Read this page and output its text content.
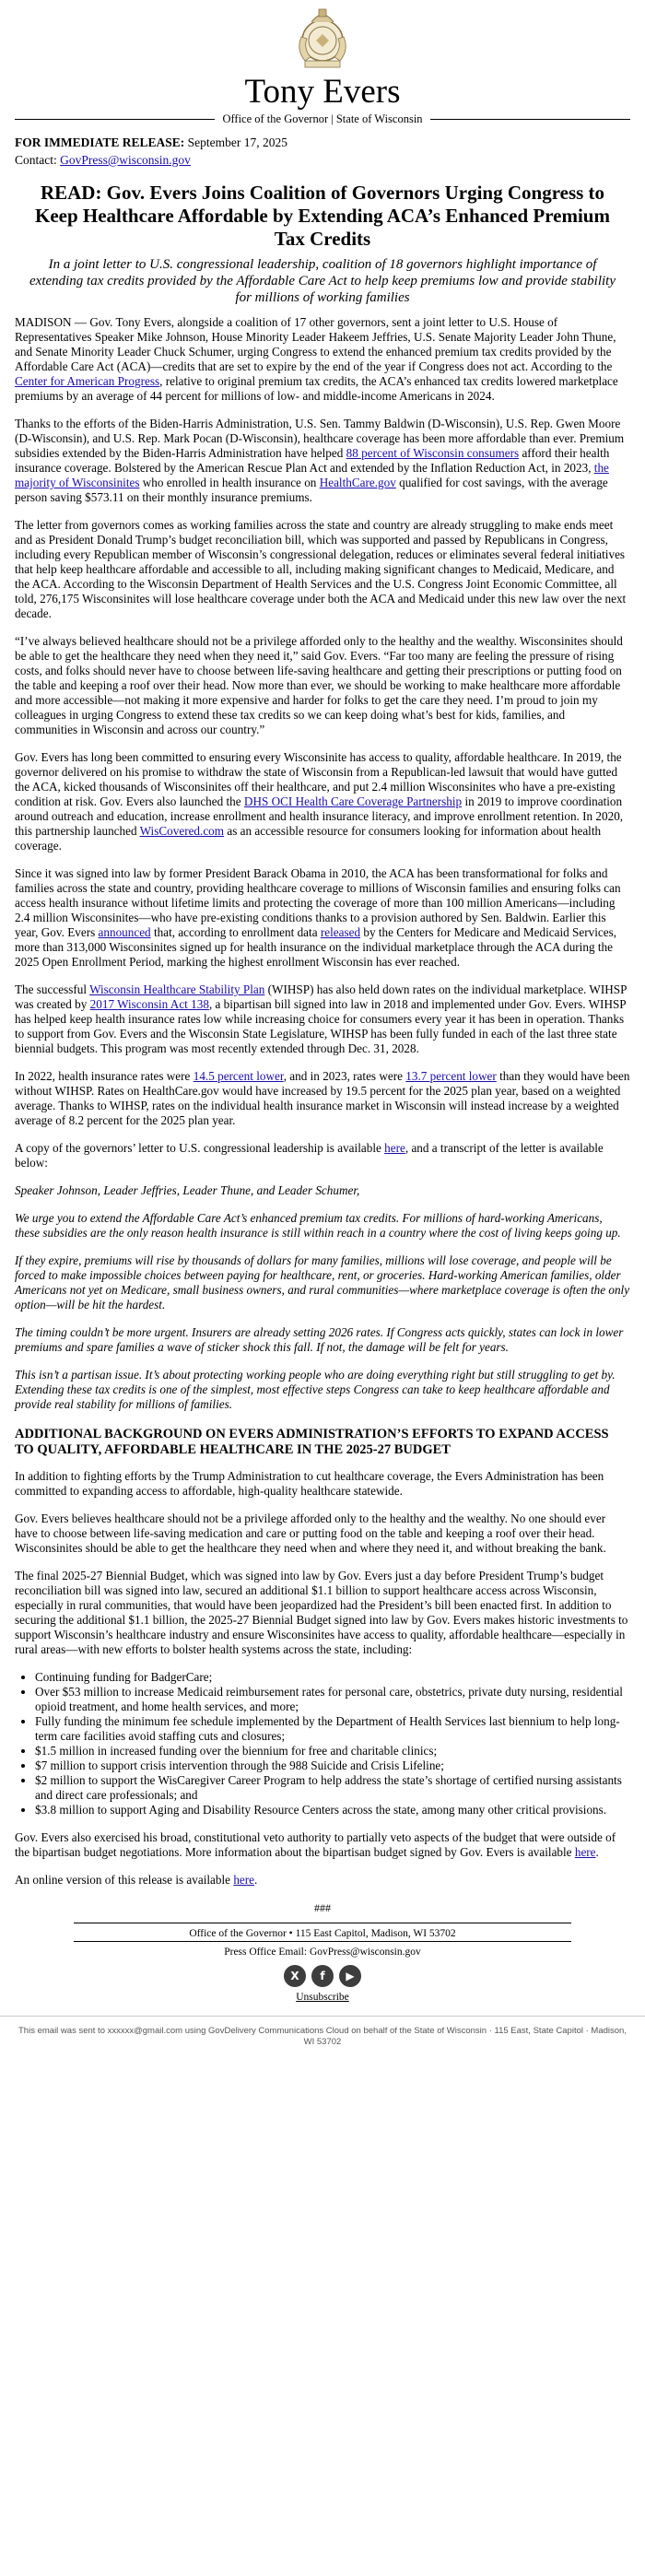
Tony Evers
Office of the Governor | State of Wisconsin
FOR IMMEDIATE RELEASE: September 17, 2025
Contact: GovPress@wisconsin.gov
READ: Gov. Evers Joins Coalition of Governors Urging Congress to Keep Healthcare Affordable by Extending ACA’s Enhanced Premium Tax Credits
In a joint letter to U.S. congressional leadership, coalition of 18 governors highlight importance of extending tax credits provided by the Affordable Care Act to help keep premiums low and provide stability for millions of working families

MADISON — Gov. Tony Evers, alongside a coalition of 17 other governors, sent a joint letter to U.S. House of Representatives Speaker Mike Johnson, House Minority Leader Hakeem Jeffries, U.S. Senate Majority Leader John Thune, and Senate Minority Leader Chuck Schumer, urging Congress to extend the enhanced premium tax credits provided by the Affordable Care Act (ACA)—credits that are set to expire by the end of the year if Congress does not act. According to the Center for American Progress, relative to original premium tax credits, the ACA’s enhanced tax credits lowered marketplace premiums by an average of 44 percent for millions of low- and middle-income Americans in 2024.

Thanks to the efforts of the Biden-Harris Administration, U.S. Sen. Tammy Baldwin (D-Wisconsin), U.S. Rep. Gwen Moore (D-Wisconsin), and U.S. Rep. Mark Pocan (D-Wisconsin), healthcare coverage has been more affordable than ever. Premium subsidies extended by the Biden-Harris Administration have helped 88 percent of Wisconsin consumers afford their health insurance coverage. Bolstered by the American Rescue Plan Act and extended by the Inflation Reduction Act, in 2023, the majority of Wisconsinites who enrolled in health insurance on HealthCare.gov qualified for cost savings, with the average person saving $573.11 on their monthly insurance premiums.

The letter from governors comes as working families across the state and country are already struggling to make ends meet and as President Donald Trump’s budget reconciliation bill, which was supported and passed by Republicans in Congress, including every Republican member of Wisconsin’s congressional delegation, reduces or eliminates several federal initiatives that help keep healthcare affordable and accessible to all, including making significant changes to Medicaid, Medicare, and the ACA. According to the Wisconsin Department of Health Services and the U.S. Congress Joint Economic Committee, all told, 276,175 Wisconsinites will lose healthcare coverage under both the ACA and Medicaid under this new law over the next decade.

“I’ve always believed healthcare should not be a privilege afforded only to the healthy and the wealthy. Wisconsinites should be able to get the healthcare they need when they need it,” said Gov. Evers. “Far too many are feeling the pressure of rising costs, and folks should never have to choose between life-saving healthcare and getting their prescriptions or putting food on the table and keeping a roof over their head. Now more than ever, we should be working to make healthcare more affordable and more accessible—not making it more expensive and harder for folks to get the care they need. I’m proud to join my colleagues in urging Congress to extend these tax credits so we can keep doing what’s best for kids, families, and communities in Wisconsin and across our country.”

Gov. Evers has long been committed to ensuring every Wisconsinite has access to quality, affordable healthcare. In 2019, the governor delivered on his promise to withdraw the state of Wisconsin from a Republican-led lawsuit that would have gutted the ACA, kicked thousands of Wisconsinites off their healthcare, and put 2.4 million Wisconsinites who have a pre-existing condition at risk. Gov. Evers also launched the DHS OCI Health Care Coverage Partnership in 2019 to improve coordination around outreach and education, increase enrollment and health insurance literacy, and improve enrollment retention. In 2020, this partnership launched WisCovered.com as an accessible resource for consumers looking for information about health coverage.

Since it was signed into law by former President Barack Obama in 2010, the ACA has been transformational for folks and families across the state and country, providing healthcare coverage to millions of Wisconsin families and ensuring folks can access health insurance without lifetime limits and protecting the coverage of more than 100 million Americans—including 2.4 million Wisconsinites—who have pre-existing conditions thanks to a provision authored by Sen. Baldwin. Earlier this year, Gov. Evers announced that, according to enrollment data released by the Centers for Medicare and Medicaid Services, more than 313,000 Wisconsinites signed up for health insurance on the individual marketplace through the ACA during the 2025 Open Enrollment Period, marking the highest enrollment Wisconsin has ever reached.

The successful Wisconsin Healthcare Stability Plan (WIHSP) has also held down rates on the individual marketplace. WIHSP was created by 2017 Wisconsin Act 138, a bipartisan bill signed into law in 2018 and implemented under Gov. Evers. WIHSP has helped keep health insurance rates low while increasing choice for consumers every year it has been in operation. Thanks to support from Gov. Evers and the Wisconsin State Legislature, WIHSP has been fully funded in each of the last three state biennial budgets. This program was most recently extended through Dec. 31, 2028.

In 2022, health insurance rates were 14.5 percent lower, and in 2023, rates were 13.7 percent lower than they would have been without WIHSP. Rates on HealthCare.gov would have increased by 19.5 percent for the 2025 plan year, based on a weighted average. Thanks to WIHSP, rates on the individual health insurance market in Wisconsin will instead increase by a weighted average of 8.2 percent for the 2025 plan year.

A copy of the governors’ letter to U.S. congressional leadership is available here, and a transcript of the letter is available below:

Speaker Johnson, Leader Jeffries, Leader Thune, and Leader Schumer,

We urge you to extend the Affordable Care Act’s enhanced premium tax credits. For millions of hard-working Americans, these subsidies are the only reason health insurance is still within reach in a country where the cost of living keeps going up.

If they expire, premiums will rise by thousands of dollars for many families, millions will lose coverage, and people will be forced to make impossible choices between paying for healthcare, rent, or groceries. Hard-working American families, older Americans not yet on Medicare, small business owners, and rural communities—where marketplace coverage is often the only option—will be hit the hardest.

The timing couldn’t be more urgent. Insurers are already setting 2026 rates. If Congress acts quickly, states can lock in lower premiums and spare families a wave of sticker shock this fall. If not, the damage will be felt for years.

This isn’t a partisan issue. It’s about protecting working people who are doing everything right but still struggling to get by. Extending these tax credits is one of the simplest, most effective steps Congress can take to keep healthcare affordable and provide real stability for millions of families.

ADDITIONAL BACKGROUND ON EVERS ADMINISTRATION’S EFFORTS TO EXPAND ACCESS TO QUALITY, AFFORDABLE HEALTHCARE IN THE 2025-27 BUDGET

In addition to fighting efforts by the Trump Administration to cut healthcare coverage, the Evers Administration has been committed to expanding access to affordable, high-quality healthcare statewide.

Gov. Evers believes healthcare should not be a privilege afforded only to the healthy and the wealthy. No one should ever have to choose between life-saving medication and care or putting food on the table and keeping a roof over their head. Wisconsinites should be able to get the healthcare they need when and where they need it, and without breaking the bank.

The final 2025-27 Biennial Budget, which was signed into law by Gov. Evers just a day before President Trump’s budget reconciliation bill was signed into law, secured an additional $1.1 billion to support healthcare access across Wisconsin, especially in rural communities, that would have been jeopardized had the President’s bill been enacted first. In addition to securing the additional $1.1 billion, the 2025-27 Biennial Budget signed into law by Gov. Evers makes historic investments to support Wisconsin’s healthcare industry and ensure Wisconsinites have access to quality, affordable healthcare—especially in rural areas—with new efforts to bolster health systems across the state, including:

• Continuing funding for BadgerCare;
• Over $53 million to increase Medicaid reimbursement rates for personal care, obstetrics, private duty nursing, residential opioid treatment, and home health services, and more;
• Fully funding the minimum fee schedule implemented by the Department of Health Services last biennium to help long-term care facilities avoid staffing cuts and closures;
• $1.5 million in increased funding over the biennium for free and charitable clinics;
• $7 million to support crisis intervention through the 988 Suicide and Crisis Lifeline;
• $2 million to support the WisCaregiver Career Program to help address the state’s shortage of certified nursing assistants and direct care professionals; and
• $3.8 million to support Aging and Disability Resource Centers across the state, among many other critical provisions.

Gov. Evers also exercised his broad, constitutional veto authority to partially veto aspects of the budget that were outside of the bipartisan budget negotiations. More information about the bipartisan budget signed by Gov. Evers is available here.

An online version of this release is available here.

###
Office of the Governor • 115 East Capitol, Madison, WI 53702
Press Office Email: GovPress@wisconsin.gov
X	f	▶
Unsubscribe
This email was sent to xxxxxx@gmail.com using GovDelivery Communications Cloud on behalf of the State of Wisconsin · 115 East, State Capitol · Madison, WI 53702
